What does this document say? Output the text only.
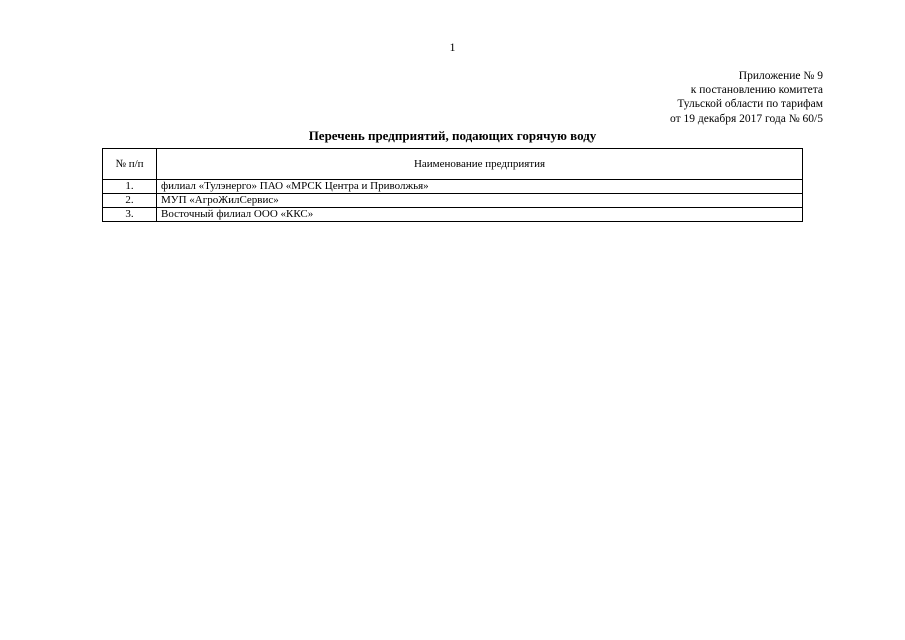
1
Приложение № 9
к постановлению комитета
Тульской области по тарифам
от 19 декабря 2017 года № 60/5
Перечень предприятий, подающих горячую воду
№ п/п	Наименование предприятия
1.	филиал «Тулэнерго» ПАО «МРСК Центра и Приволжья»
2.	МУП «АгроЖилСервис»
3.	Восточный филиал ООО «ККС»
